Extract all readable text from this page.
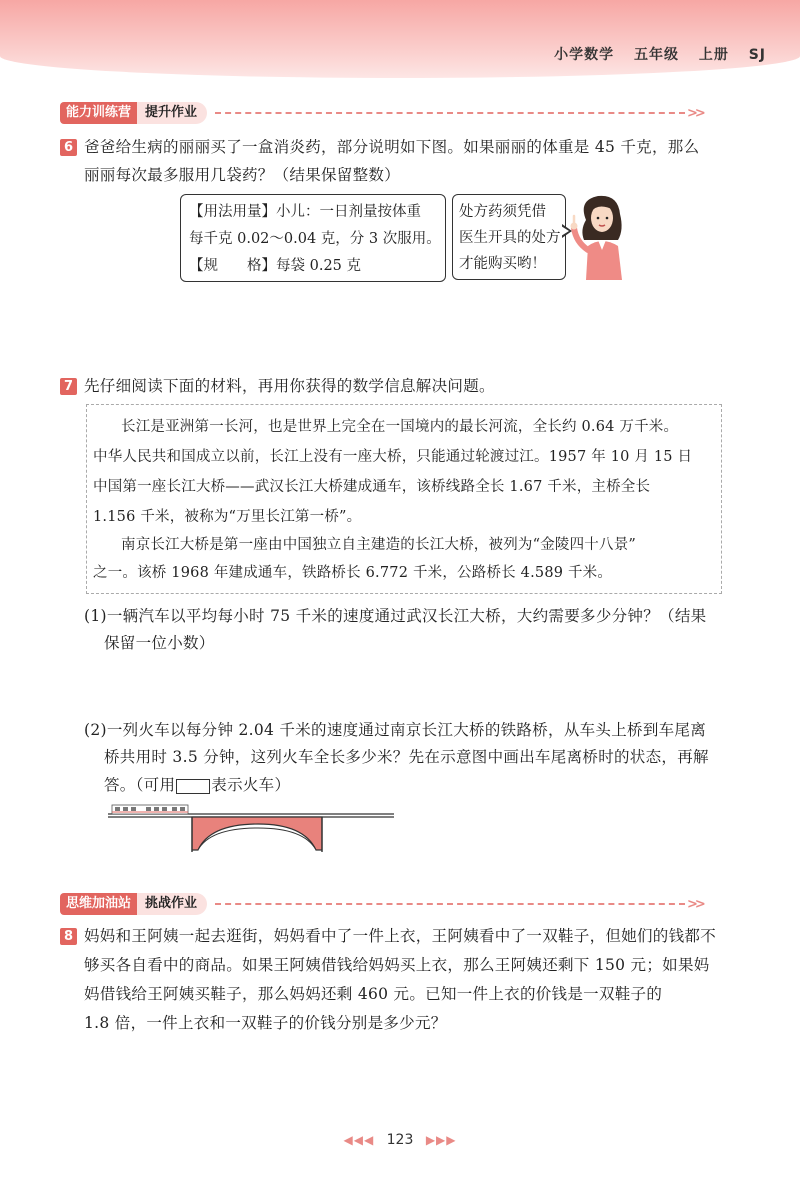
小学数学 五年级 上册 SJ
能力训练营	提升作业	>>
6 爸爸给生病的丽丽买了一盒消炎药，部分说明如下图。如果丽丽的体重是 45 千克，那么
丽丽每次最多服用几袋药？（结果保留整数）
【用法用量】小儿：一日剂量按体重
每千克 0.02～0.04 克，分 3 次服用。
【规　　格】每袋 0.25 克
处方药须凭借
医生开具的处方
才能购买哟！
7 先仔细阅读下面的材料，再用你获得的数学信息解决问题。
长江是亚洲第一长河，也是世界上完全在一国境内的最长河流，全长约 0.64 万千米。
中华人民共和国成立以前，长江上没有一座大桥，只能通过轮渡过江。1957 年 10 月 15 日
中国第一座长江大桥——武汉长江大桥建成通车，该桥线路全长 1.67 千米，主桥全长
1.156 千米，被称为“万里长江第一桥”。
南京长江大桥是第一座由中国独立自主建造的长江大桥，被列为“金陵四十八景”
之一。该桥 1968 年建成通车，铁路桥长 6.772 千米，公路桥长 4.589 千米。
(1)一辆汽车以平均每小时 75 千米的速度通过武汉长江大桥，大约需要多少分钟？（结果
保留一位小数）
(2)一列火车以每分钟 2.04 千米的速度通过南京长江大桥的铁路桥，从车头上桥到车尾离
桥共用时 3.5 分钟，这列火车全长多少米？先在示意图中画出车尾离桥时的状态，再解
答。（可用 表示火车）
思维加油站	挑战作业	>>
8 妈妈和王阿姨一起去逛街，妈妈看中了一件上衣，王阿姨看中了一双鞋子，但她们的钱都不
够买各自看中的商品。如果王阿姨借钱给妈妈买上衣，那么王阿姨还剩下 150 元；如果妈
妈借钱给王阿姨买鞋子，那么妈妈还剩 460 元。已知一件上衣的价钱是一双鞋子的
1.8 倍，一件上衣和一双鞋子的价钱分别是多少元？
◀◀◀ 123 ▶▶▶
